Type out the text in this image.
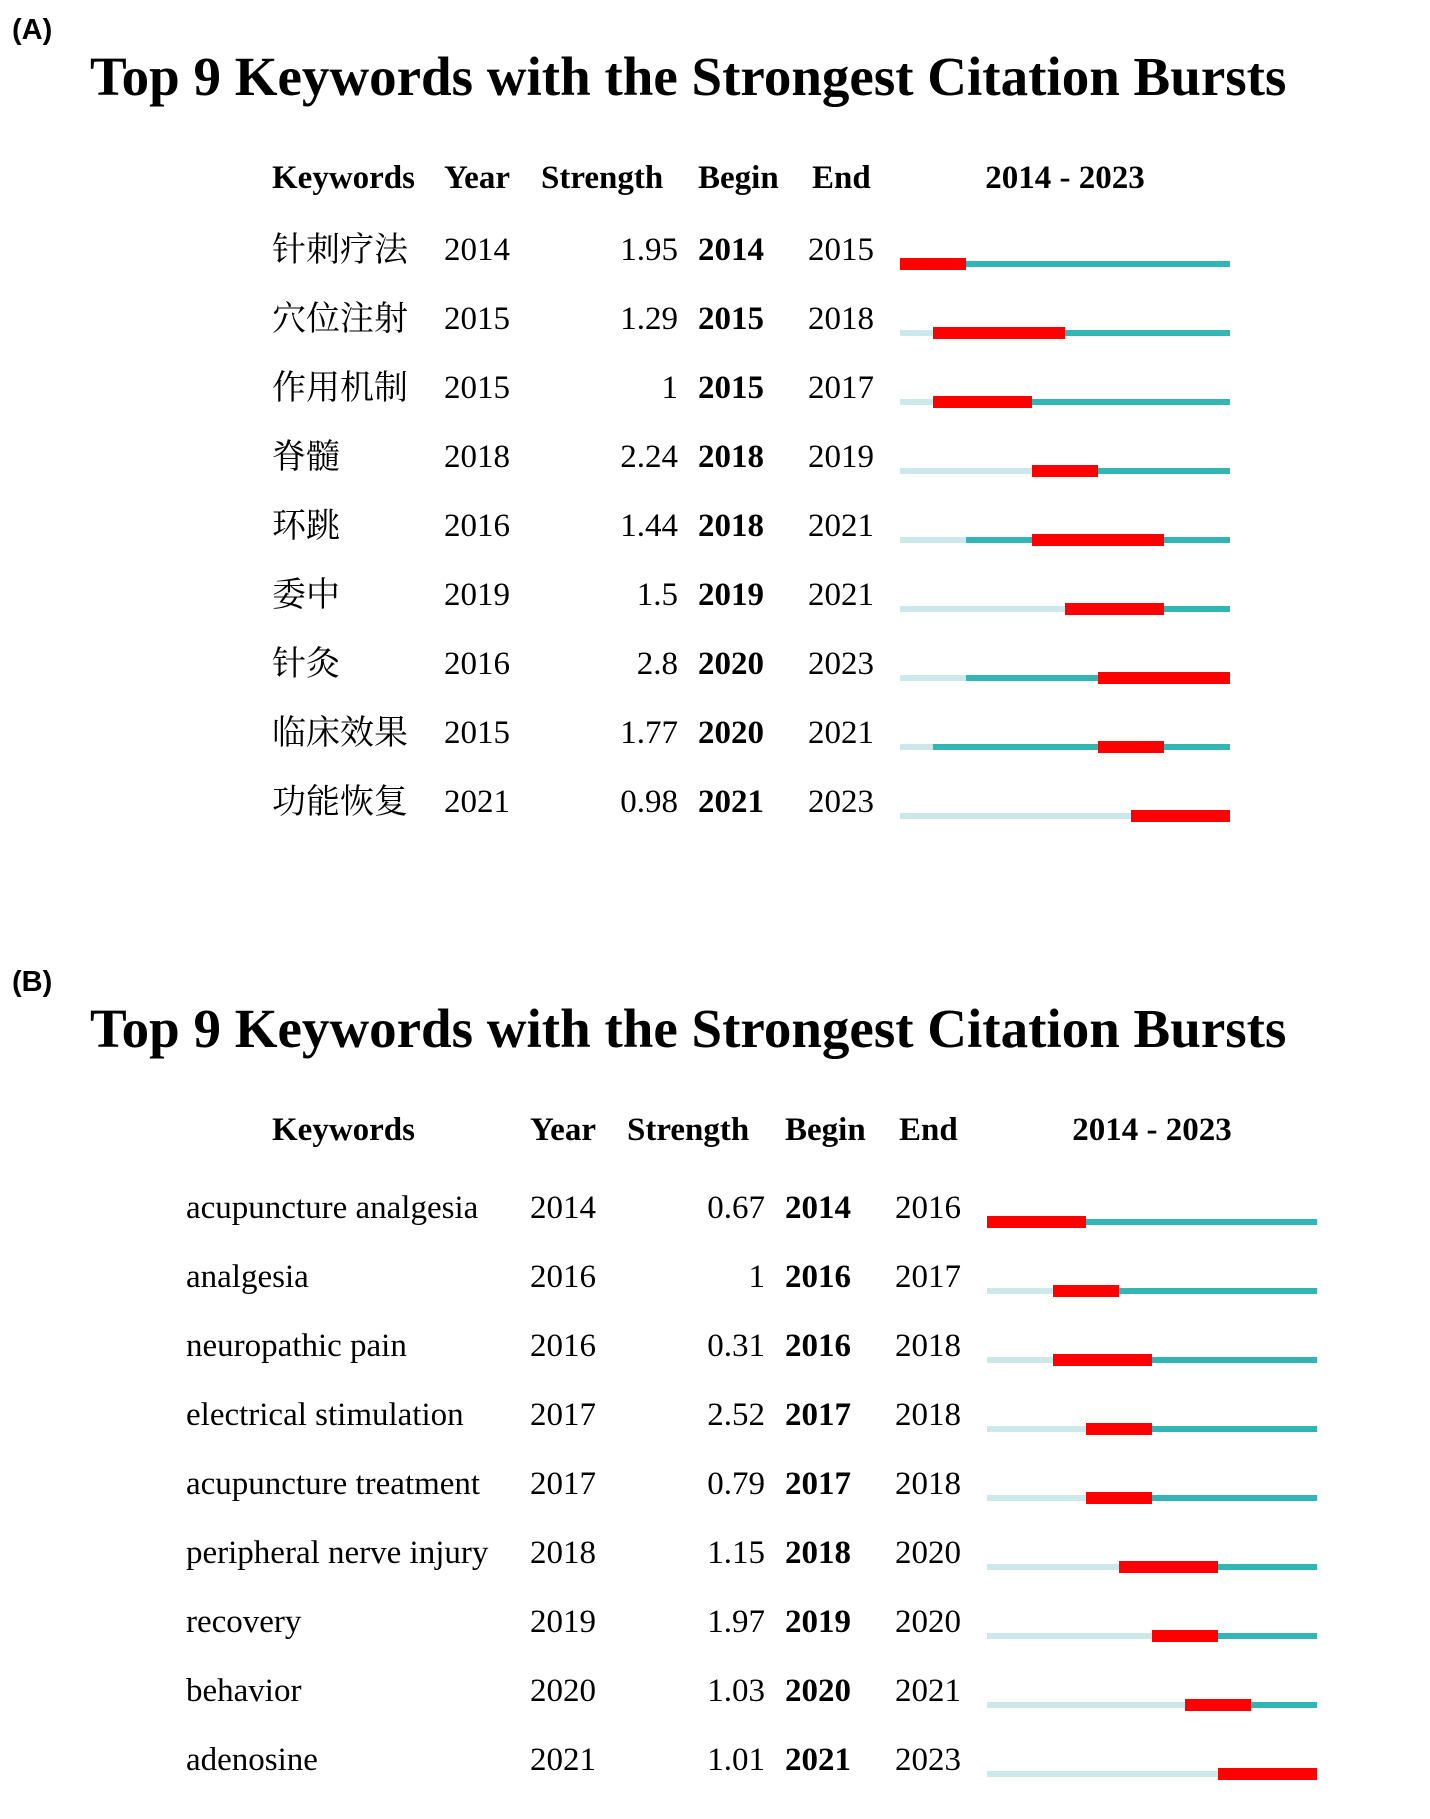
(A)
Top 9 Keywords with the Strongest Citation Bursts
Keywords Year Strength Begin End	2014 - 2023
针刺疗法 2014	1.95 2014 2015
穴位注射 2015	1.29 2015 2018
作用机制 2015	1 2015 2017
脊髓	2018	2.24 2018 2019
环跳	2016	1.44 2018 2021
委中	2019	1.5 2019 2021
针灸	2016	2.8 2020 2023
临床效果 2015	1.77 2020 2021
功能恢复 2021	0.98 2021 2023
(B)
Top 9 Keywords with the Strongest Citation Bursts
Keywords	Year Strength Begin End	2014 - 2023
acupuncture analgesia 2014	0.67 2014 2016
analgesia	2016	1 2016 2017
neuropathic pain	2016	0.31 2016 2018
electrical stimulation 2017	2.52 2017 2018
acupuncture treatment 2017	0.79 2017 2018
peripheral nerve injury 2018	1.15 2018 2020
recovery	2019	1.97 2019 2020
behavior	2020	1.03 2020 2021
adenosine	2021	1.01 2021 2023
